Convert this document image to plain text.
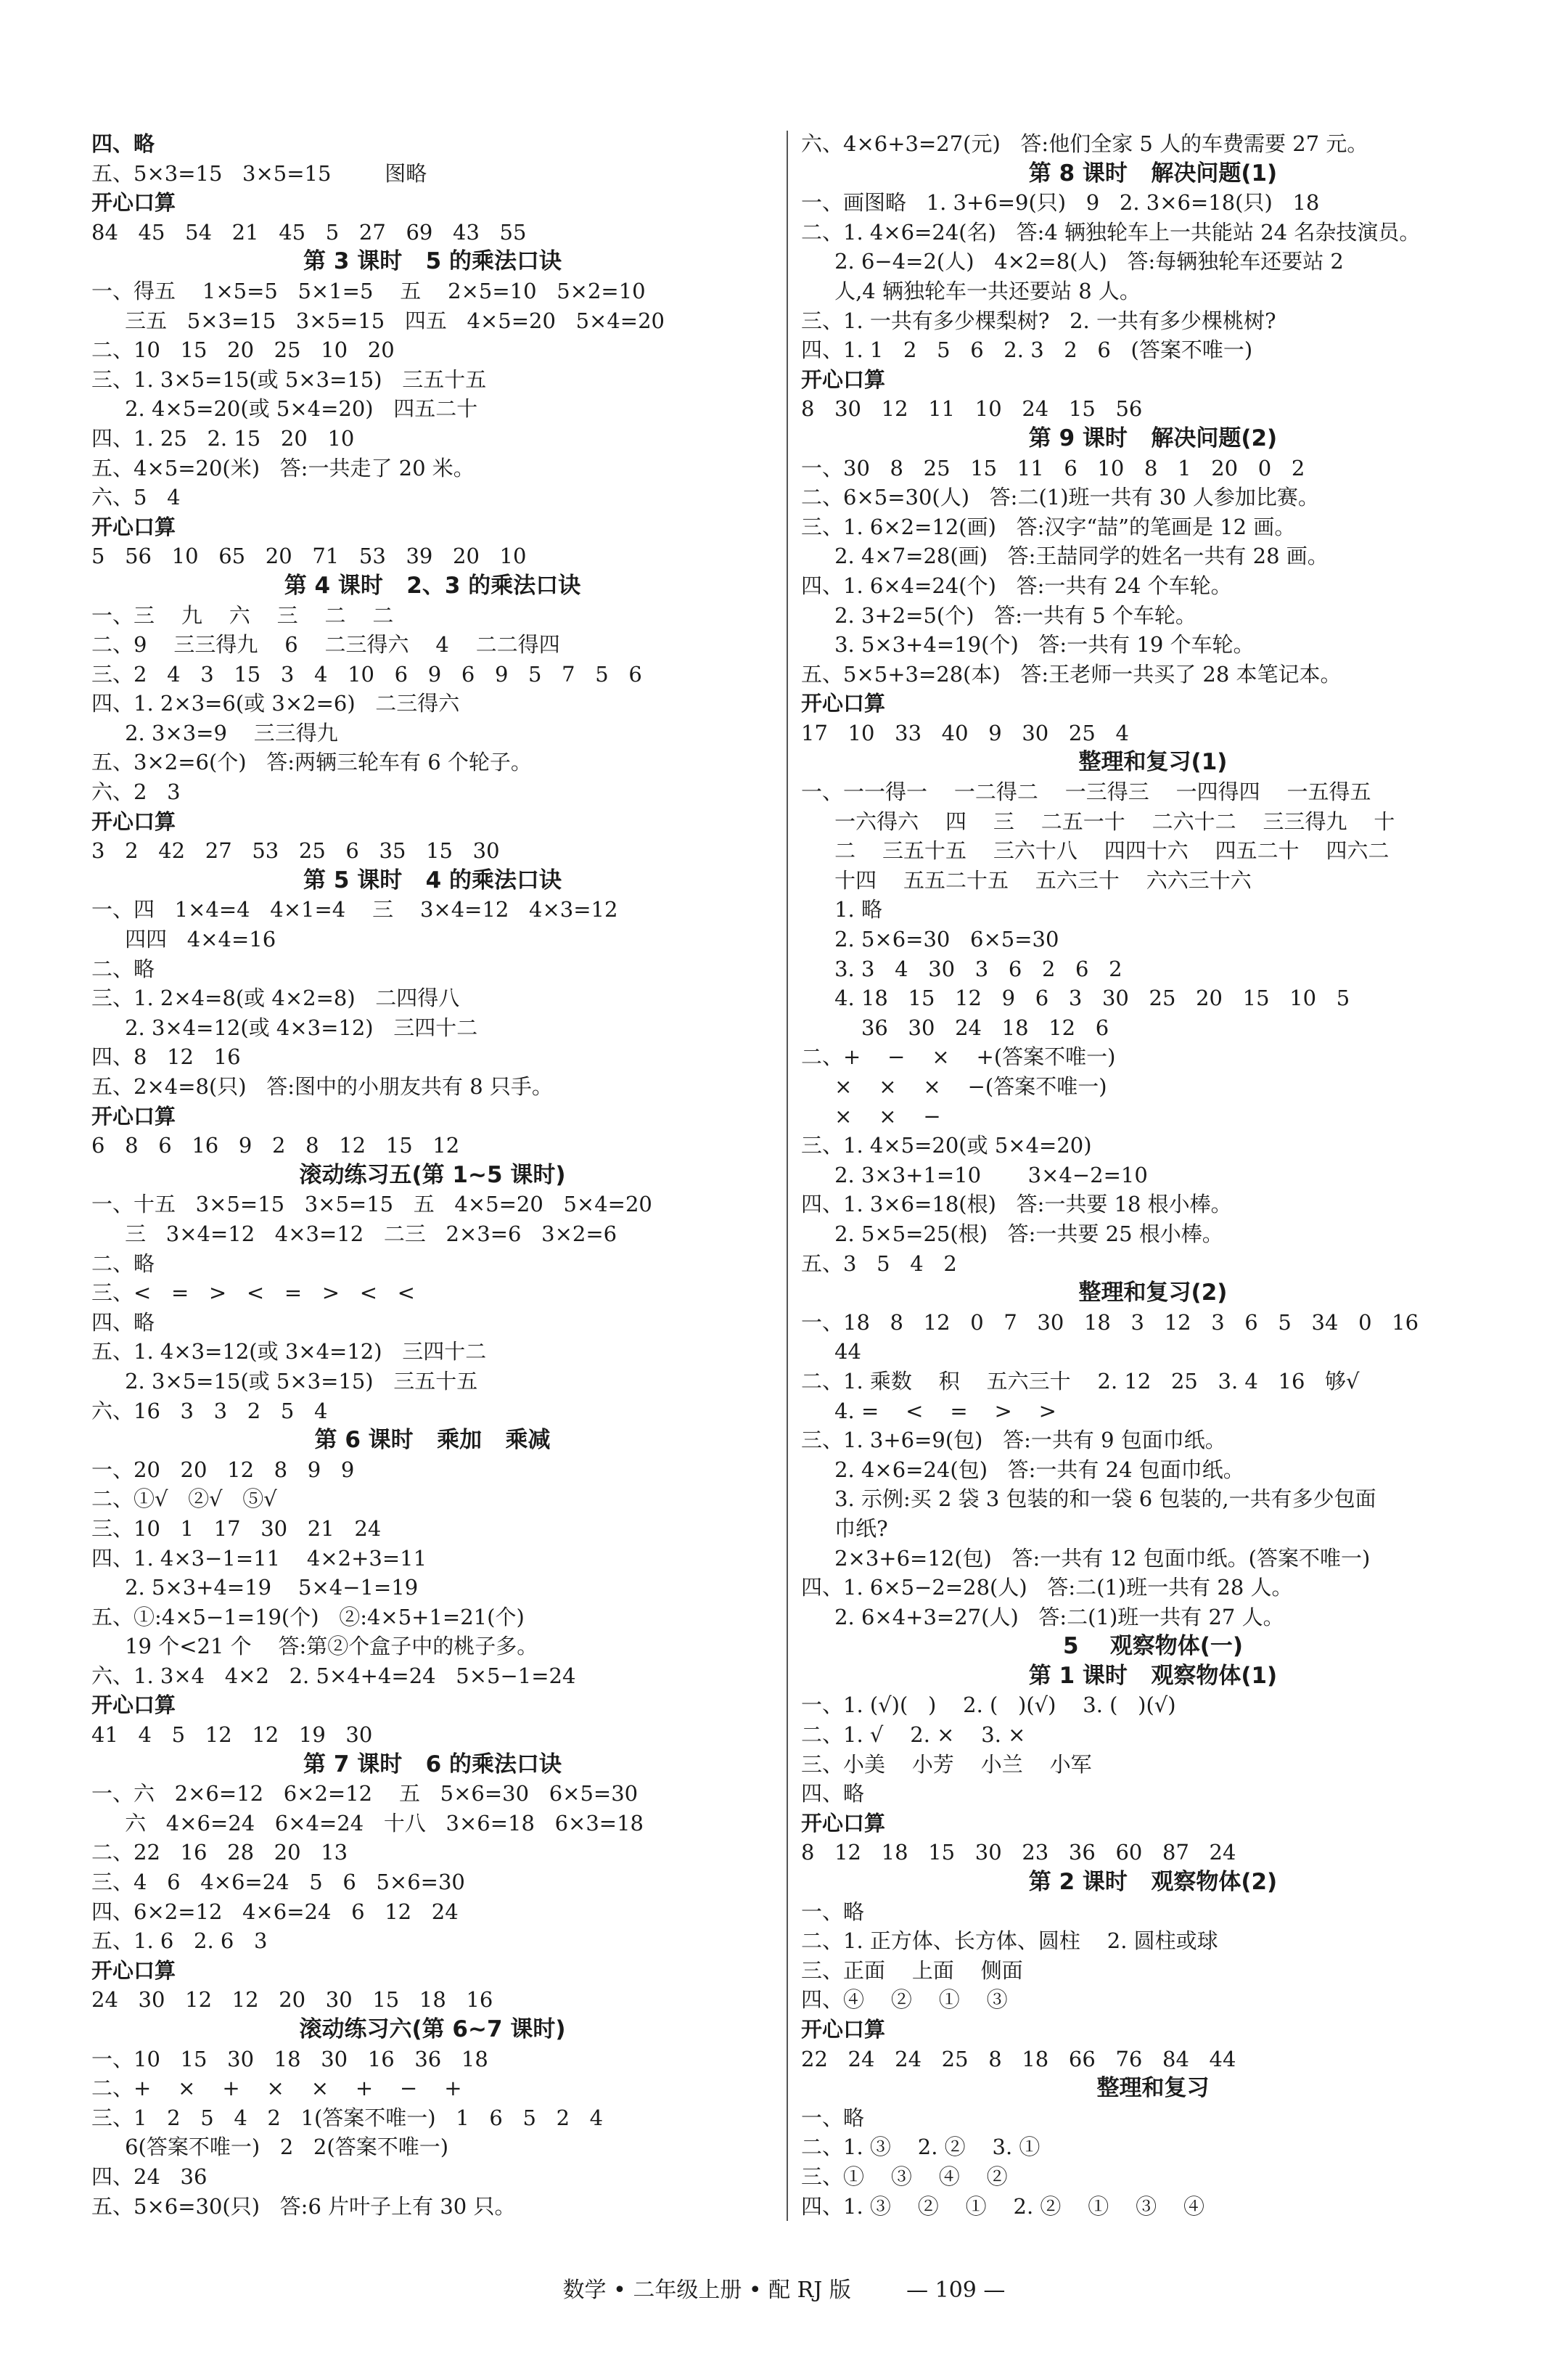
四、略
五、5×3=15   3×5=15        图略
开心口算
84   45   54   21   45   5   27   69   43   55
第 3 课时   5 的乘法口诀
一、得五    1×5=5   5×1=5    五    2×5=10   5×2=10
三五   5×3=15   3×5=15   四五   4×5=20   5×4=20
二、10   15   20   25   10   20
三、1. 3×5=15(或 5×3=15)   三五十五
2. 4×5=20(或 5×4=20)   四五二十
四、1. 25   2. 15   20   10
五、4×5=20(米)   答:一共走了 20 米。
六、5   4
开心口算
5   56   10   65   20   71   53   39   20   10
第 4 课时   2、3 的乘法口诀
一、三    九    六    三    二    二
二、9    三三得九    6    二三得六    4    二二得四
三、2   4   3   15   3   4   10   6   9   6   9   5   7   5   6
四、1. 2×3=6(或 3×2=6)   二三得六
2. 3×3=9    三三得九
五、3×2=6(个)   答:两辆三轮车有 6 个轮子。
六、2   3
开心口算
3   2   42   27   53   25   6   35   15   30
第 5 课时   4 的乘法口诀
一、四   1×4=4   4×1=4    三    3×4=12   4×3=12
四四   4×4=16
二、略
三、1. 2×4=8(或 4×2=8)   二四得八
2. 3×4=12(或 4×3=12)   三四十二
四、8   12   16
五、2×4=8(只)   答:图中的小朋友共有 8 只手。
开心口算
6   8   6   16   9   2   8   12   15   12
滚动练习五(第 1~5 课时)
一、十五   3×5=15   3×5=15   五   4×5=20   5×4=20
三   3×4=12   4×3=12   二三   2×3=6   3×2=6
二、略
三、<   =   >   <   =   >   <   <
四、略
五、1. 4×3=12(或 3×4=12)   三四十二
2. 3×5=15(或 5×3=15)   三五十五
六、16   3   3   2   5   4
第 6 课时   乘加   乘减
一、20   20   12   8   9   9
二、①√   ②√   ⑤√
三、10   1   17   30   21   24
四、1. 4×3−1=11    4×2+3=11
2. 5×3+4=19    5×4−1=19
五、①:4×5−1=19(个)   ②:4×5+1=21(个)
19 个<21 个    答:第②个盒子中的桃子多。
六、1. 3×4   4×2   2. 5×4+4=24   5×5−1=24
开心口算
41   4   5   12   12   19   30
第 7 课时   6 的乘法口诀
一、六   2×6=12   6×2=12    五   5×6=30   6×5=30
六   4×6=24   6×4=24   十八   3×6=18   6×3=18
二、22   16   28   20   13
三、4   6   4×6=24   5   6   5×6=30
四、6×2=12   4×6=24   6   12   24
五、1. 6   2. 6   3
开心口算
24   30   12   12   20   30   15   18   16
滚动练习六(第 6~7 课时)
一、10   15   30   18   30   16   36   18
二、+    ×    +    ×    ×    +    −    +
三、1   2   5   4   2   1(答案不唯一)   1   6   5   2   4
6(答案不唯一)   2   2(答案不唯一)
四、24   36
五、5×6=30(只)   答:6 片叶子上有 30 只。
六、4×6+3=27(元)   答:他们全家 5 人的车费需要 27 元。
第 8 课时   解决问题(1)
一、画图略   1. 3+6=9(只)   9   2. 3×6=18(只)   18
二、1. 4×6=24(名)   答:4 辆独轮车上一共能站 24 名杂技演员。
2. 6−4=2(人)   4×2=8(人)   答:每辆独轮车还要站 2
人,4 辆独轮车一共还要站 8 人。
三、1. 一共有多少棵梨树?   2. 一共有多少棵桃树?
四、1. 1   2   5   6   2. 3   2   6   (答案不唯一)
开心口算
8   30   12   11   10   24   15   56
第 9 课时   解决问题(2)
一、30   8   25   15   11   6   10   8   1   20   0   2
二、6×5=30(人)   答:二(1)班一共有 30 人参加比赛。
三、1. 6×2=12(画)   答:汉字“喆”的笔画是 12 画。
2. 4×7=28(画)   答:王喆同学的姓名一共有 28 画。
四、1. 6×4=24(个)   答:一共有 24 个车轮。
2. 3+2=5(个)   答:一共有 5 个车轮。
3. 5×3+4=19(个)   答:一共有 19 个车轮。
五、5×5+3=28(本)   答:王老师一共买了 28 本笔记本。
开心口算
17   10   33   40   9   30   25   4
整理和复习(1)
一、一一得一    一二得二    一三得三    一四得四    一五得五
一六得六    四    三    二五一十    二六十二    三三得九    十
二    三五十五    三六十八    四四十六    四五二十    四六二
十四    五五二十五    五六三十    六六三十六
1. 略
2. 5×6=30   6×5=30
3. 3   4   30   3   6   2   6   2
4. 18   15   12   9   6   3   30   25   20   15   10   5
36   30   24   18   12   6
二、+    −    ×    +(答案不唯一)
×    ×    ×    −(答案不唯一)
×    ×    −
三、1. 4×5=20(或 5×4=20)
2. 3×3+1=10       3×4−2=10
四、1. 3×6=18(根)   答:一共要 18 根小棒。
2. 5×5=25(根)   答:一共要 25 根小棒。
五、3   5   4   2
整理和复习(2)
一、18   8   12   0   7   30   18   3   12   3   6   5   34   0   16
44
二、1. 乘数    积    五六三十    2. 12   25   3. 4   16   够√
4. =    <    =    >    >
三、1. 3+6=9(包)   答:一共有 9 包面巾纸。
2. 4×6=24(包)   答:一共有 24 包面巾纸。
3. 示例:买 2 袋 3 包装的和一袋 6 包装的,一共有多少包面
巾纸?
2×3+6=12(包)   答:一共有 12 包面巾纸。(答案不唯一)
四、1. 6×5−2=28(人)   答:二(1)班一共有 28 人。
2. 6×4+3=27(人)   答:二(1)班一共有 27 人。
5    观察物体(一)
第 1 课时   观察物体(1)
一、1. (√)(   )    2. (   )(√)    3. (   )(√)
二、1. √    2. ×    3. ×
三、小美    小芳    小兰    小军
四、略
开心口算
8   12   18   15   30   23   36   60   87   24
第 2 课时   观察物体(2)
一、略
二、1. 正方体、长方体、圆柱    2. 圆柱或球
三、正面    上面    侧面
四、④    ②    ①    ③
开心口算
22   24   24   25   8   18   66   76   84   44
整理和复习
一、略
二、1. ③    2. ②    3. ①
三、①    ③    ④    ②
四、1. ③    ②    ①    2. ②    ①    ③    ④
数学 • 二年级上册 • 配 RJ 版	— 109 —
